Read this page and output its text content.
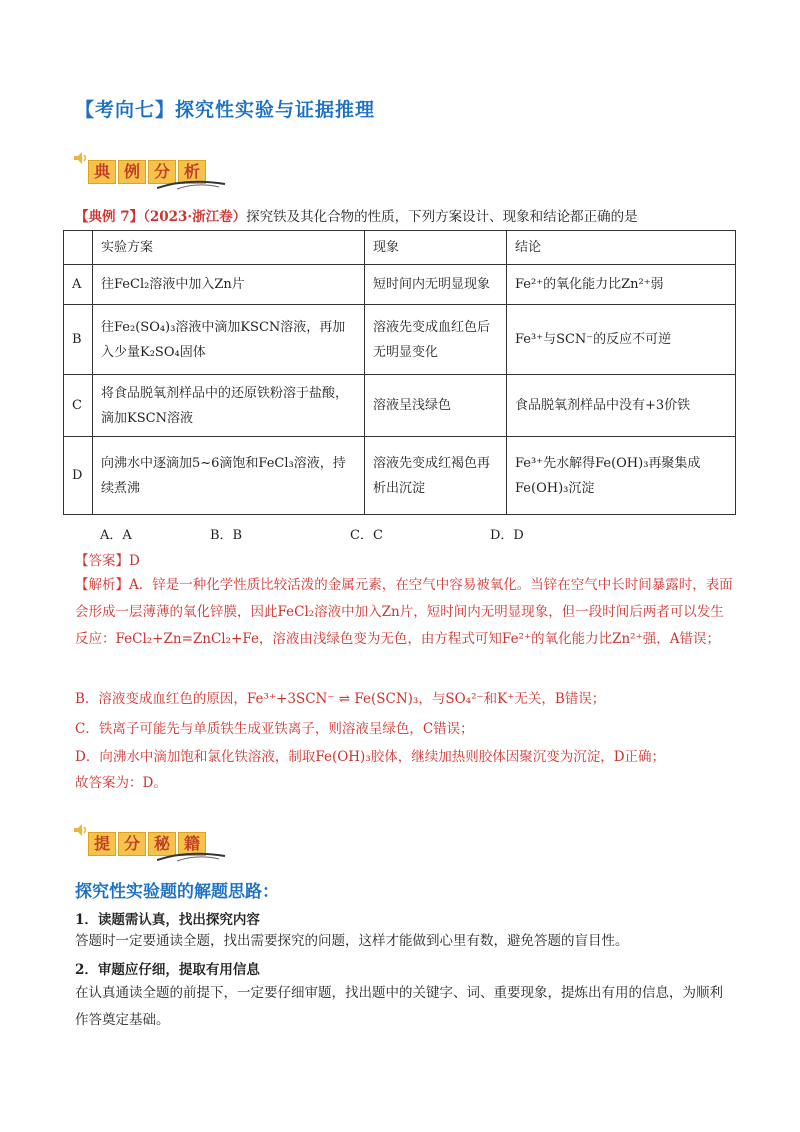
【考向七】探究性实验与证据推理
典 例 分 析
【典例 7】（2023·浙江卷）探究铁及其化合物的性质，下列方案设计、现象和结论都正确的是
	实验方案	现象	结论
A	往FeCl₂溶液中加入Zn片	短时间内无明显现象	Fe²⁺的氧化能力比Zn²⁺弱
B	往Fe₂(SO₄)₃溶液中滴加KSCN溶液，再加入少量K₂SO₄固体	溶液先变成血红色后无明显变化	Fe³⁺与SCN⁻的反应不可逆
C	将食品脱氧剂样品中的还原铁粉溶于盐酸，滴加KSCN溶液	溶液呈浅绿色	食品脱氧剂样品中没有+3价铁
D	向沸水中逐滴加5~6滴饱和FeCl₃溶液，持续煮沸	溶液先变成红褐色再析出沉淀	Fe³⁺先水解得Fe(OH)₃再聚集成Fe(OH)₃沉淀
A．A	B．B	C．C	D．D
【答案】D
【解析】A．锌是一种化学性质比较活泼的金属元素，在空气中容易被氧化。当锌在空气中长时间暴露时，表面会形成一层薄薄的氧化锌膜，因此FeCl₂溶液中加入Zn片，短时间内无明显现象，但一段时间后两者可以发生反应：FeCl₂+Zn=ZnCl₂+Fe，溶液由浅绿色变为无色，由方程式可知Fe²⁺的氧化能力比Zn²⁺强，A错误；
B．溶液变成血红色的原因，Fe³⁺+3SCN⁻ ⇌ Fe(SCN)₃，与SO₄²⁻和K⁺无关，B错误；
C．铁离子可能先与单质铁生成亚铁离子，则溶液呈绿色，C错误；
D．向沸水中滴加饱和氯化铁溶液，制取Fe(OH)₃胶体，继续加热则胶体因聚沉变为沉淀，D正确；
故答案为：D。
提 分 秘 籍
探究性实验题的解题思路：
1．读题需认真，找出探究内容
答题时一定要通读全题，找出需要探究的问题，这样才能做到心里有数，避免答题的盲目性。
2．审题应仔细，提取有用信息
在认真通读全题的前提下，一定要仔细审题，找出题中的关键字、词、重要现象，提炼出有用的信息，为顺利作答奠定基础。
